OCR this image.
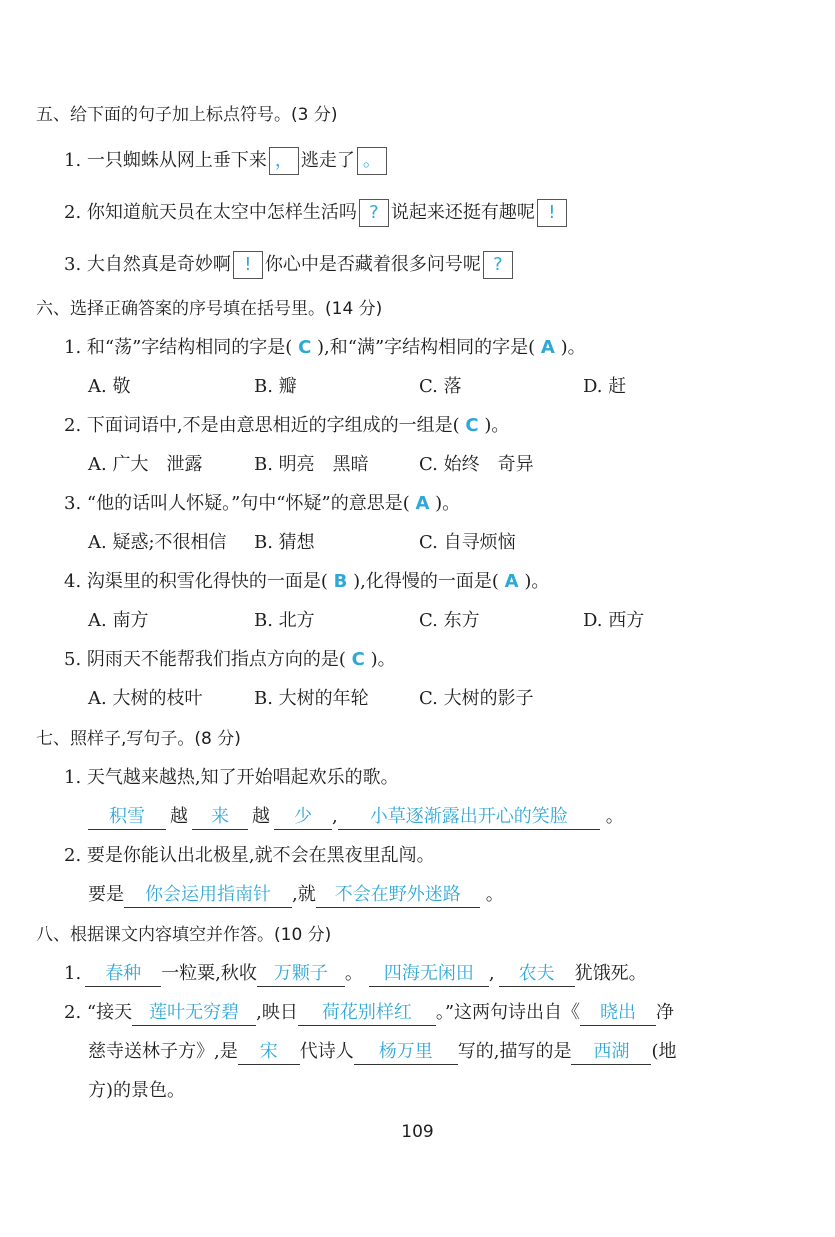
五、给下面的句子加上标点符号。(3 分)
1. 一只蜘蛛从网上垂下来 ， 逃走了 。
2. 你知道航天员在太空中怎样生活吗 ? 说起来还挺有趣呢 !
3. 大自然真是奇妙啊 ! 你心中是否藏着很多问号呢 ?
六、选择正确答案的序号填在括号里。(14 分)
1. 和“荡”字结构相同的字是( C ),和“满”字结构相同的字是( A )。
A. 敬	B. 瓣	C. 落	D. 赶
2. 下面词语中,不是由意思相近的字组成的一组是( C )。
A. 广大　泄露	B. 明亮　黑暗	C. 始终　奇异
3. “他的话叫人怀疑。”句中“怀疑”的意思是( A )。
A. 疑惑;不很相信 B. 猜想	C. 自寻烦恼
4. 沟渠里的积雪化得快的一面是( B ),化得慢的一面是( A )。
A. 南方	B. 北方	C. 东方	D. 西方
5. 阴雨天不能帮我们指点方向的是( C )。
A. 大树的枝叶	B. 大树的年轮	C. 大树的影子
七、照样子,写句子。(8 分)
1. 天气越来越热,知了开始唱起欢乐的歌。
积雪 越 来 越 少 , 小草逐渐露出开心的笑脸 。
2. 要是你能认出北极星,就不会在黑夜里乱闯。
要是 你会运用指南针 ,就 不会在野外迷路 。
八、根据课文内容填空并作答。(10 分)
1. 春种 一粒粟,秋收 万颗子 。 四海无闲田 , 农夫 犹饿死。
2. “接天 莲叶无穷碧 ,映日 荷花别样红 。”这两句诗出自《 晓出 净
慈寺送林子方》,是 宋 代诗人 杨万里 写的,描写的是 西湖 (地
方)的景色。
109
